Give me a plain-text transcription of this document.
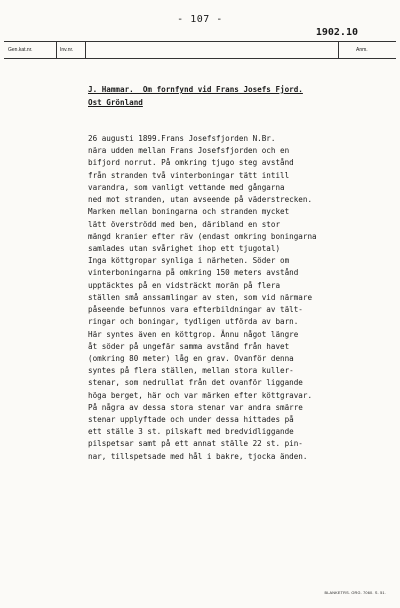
- 107 -
1902.10
Gen.kat.nr.	Inv.nr.	Anm.
J. Hammar.  Om fornfynd vid Frans Josefs Fjord.
Ost Grönland
26 augusti 1899.Frans Josefsfjorden N.Br.
nära udden mellan Frans Josefsfjorden och en
bifjord norrut. På omkring tjugo steg avstånd
från stranden två vinterboningar tätt intill
varandra, som vanligt vettande med gångarna
ned mot stranden, utan avseende på väderstrecken.
Marken mellan boningarna och stranden mycket
lätt överströdd med ben, däribland en stor
mängd kranier efter räv (endast omkring boningarna
samlades utan svårighet ihop ett tjugotal)
Inga köttgropar synliga i närheten. Söder om
vinterboningarna på omkring 150 meters avstånd
upptäcktes på en vidsträckt morän på flera
ställen små anssamlingar av sten, som vid närmare
påseende befunnos vara efterbildningar av tält-
ringar och boningar, tydligen utförda av barn.
Här syntes även en köttgrop. Ännu något längre
åt söder på ungefär samma avstånd från havet
(omkring 80 meter) låg en grav. Ovanför denna
syntes på flera ställen, mellan stora kuller-
stenar, som nedrullat från det ovanför liggande
höga berget, här och var märken efter köttgravar.
På några av dessa stora stenar var andra smärre
stenar upplyftade och under dessa hittades på
ett ställe 3 st. pilskaft med bredvidliggande
pilspetsar samt på ett annat ställe 22 st. pin-
nar, tillspetsade med hål i bakre, tjocka änden.
BLANKETRS. ORG. 7060. S. 51.
